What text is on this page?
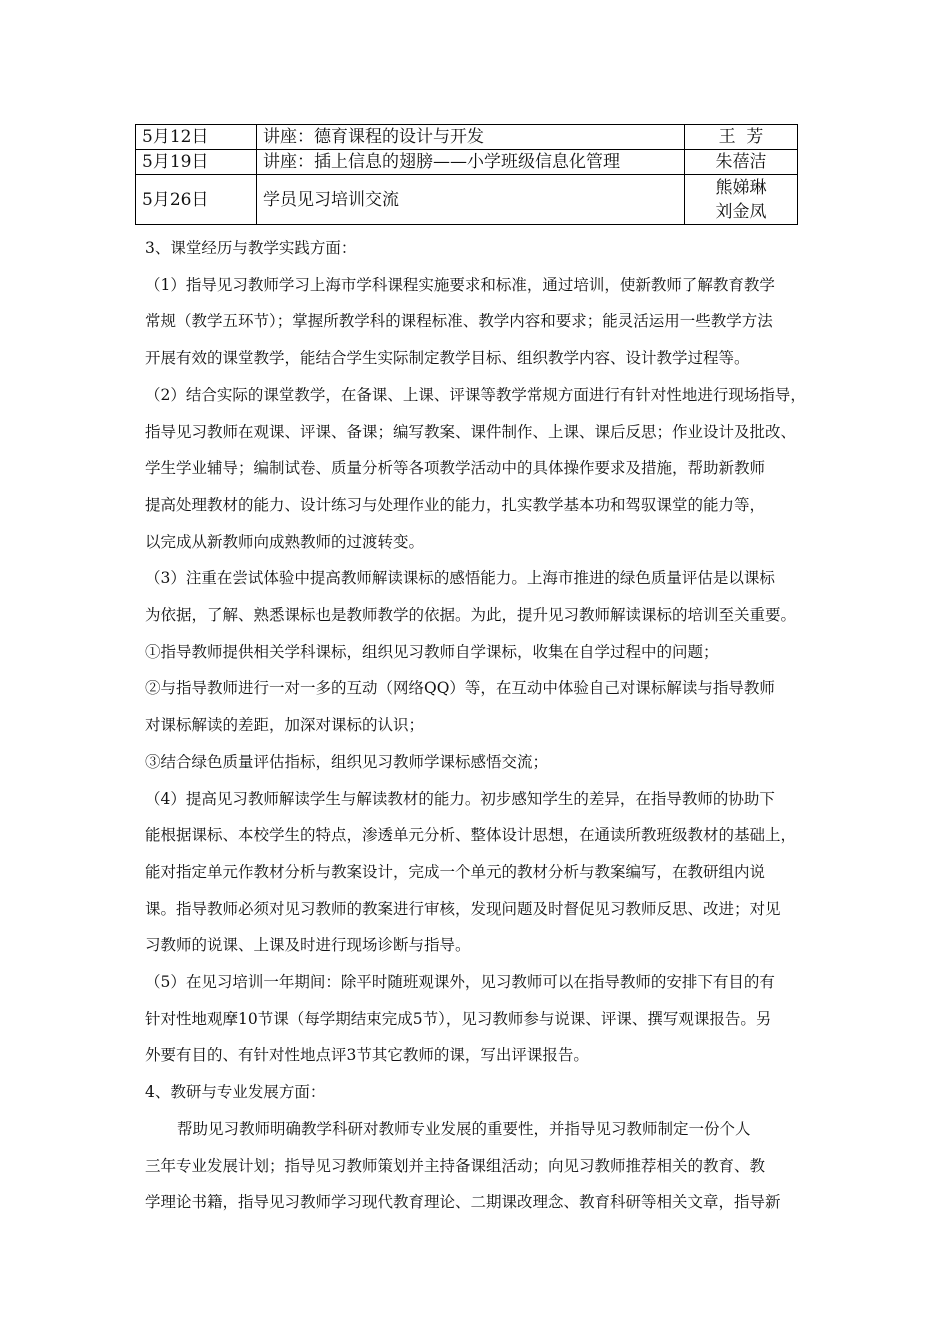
5月12日	讲座：德育课程的设计与开发	王  芳
5月19日	讲座：插上信息的翅膀——小学班级信息化管理	朱蓓洁
5月26日	学员见习培训交流	熊娣琳
刘金凤

3、课堂经历与教学实践方面：

（1）指导见习教师学习上海市学科课程实施要求和标准，通过培训，使新教师了解教育教学

常规（教学五环节）；掌握所教学科的课程标准、教学内容和要求；能灵活运用一些教学方法

开展有效的课堂教学，能结合学生实际制定教学目标、组织教学内容、设计教学过程等。

（2）结合实际的课堂教学，在备课、上课、评课等教学常规方面进行有针对性地进行现场指导，

指导见习教师在观课、评课、备课；编写教案、课件制作、上课、课后反思；作业设计及批改、

学生学业辅导；编制试卷、质量分析等各项教学活动中的具体操作要求及措施，帮助新教师

提高处理教材的能力、设计练习与处理作业的能力，扎实教学基本功和驾驭课堂的能力等，

以完成从新教师向成熟教师的过渡转变。

（3）注重在尝试体验中提高教师解读课标的感悟能力。上海市推进的绿色质量评估是以课标

为依据，了解、熟悉课标也是教师教学的依据。为此，提升见习教师解读课标的培训至关重要。

①指导教师提供相关学科课标，组织见习教师自学课标，收集在自学过程中的问题；

②与指导教师进行一对一多的互动（网络QQ）等，在互动中体验自己对课标解读与指导教师

对课标解读的差距，加深对课标的认识；

③结合绿色质量评估指标，组织见习教师学课标感悟交流；

（4）提高见习教师解读学生与解读教材的能力。初步感知学生的差异，在指导教师的协助下

能根据课标、本校学生的特点，渗透单元分析、整体设计思想，在通读所教班级教材的基础上，

能对指定单元作教材分析与教案设计，完成一个单元的教材分析与教案编写，在教研组内说

课。指导教师必须对见习教师的教案进行审核，发现问题及时督促见习教师反思、改进；对见

习教师的说课、上课及时进行现场诊断与指导。

（5）在见习培训一年期间：除平时随班观课外，见习教师可以在指导教师的安排下有目的有

针对性地观摩10节课（每学期结束完成5节），见习教师参与说课、评课、撰写观课报告。另

外要有目的、有针对性地点评3节其它教师的课，写出评课报告。

4、教研与专业发展方面：

帮助见习教师明确教学科研对教师专业发展的重要性，并指导见习教师制定一份个人

三年专业发展计划；指导见习教师策划并主持备课组活动；向见习教师推荐相关的教育、教

学理论书籍，指导见习教师学习现代教育理论、二期课改理念、教育科研等相关文章，指导新
